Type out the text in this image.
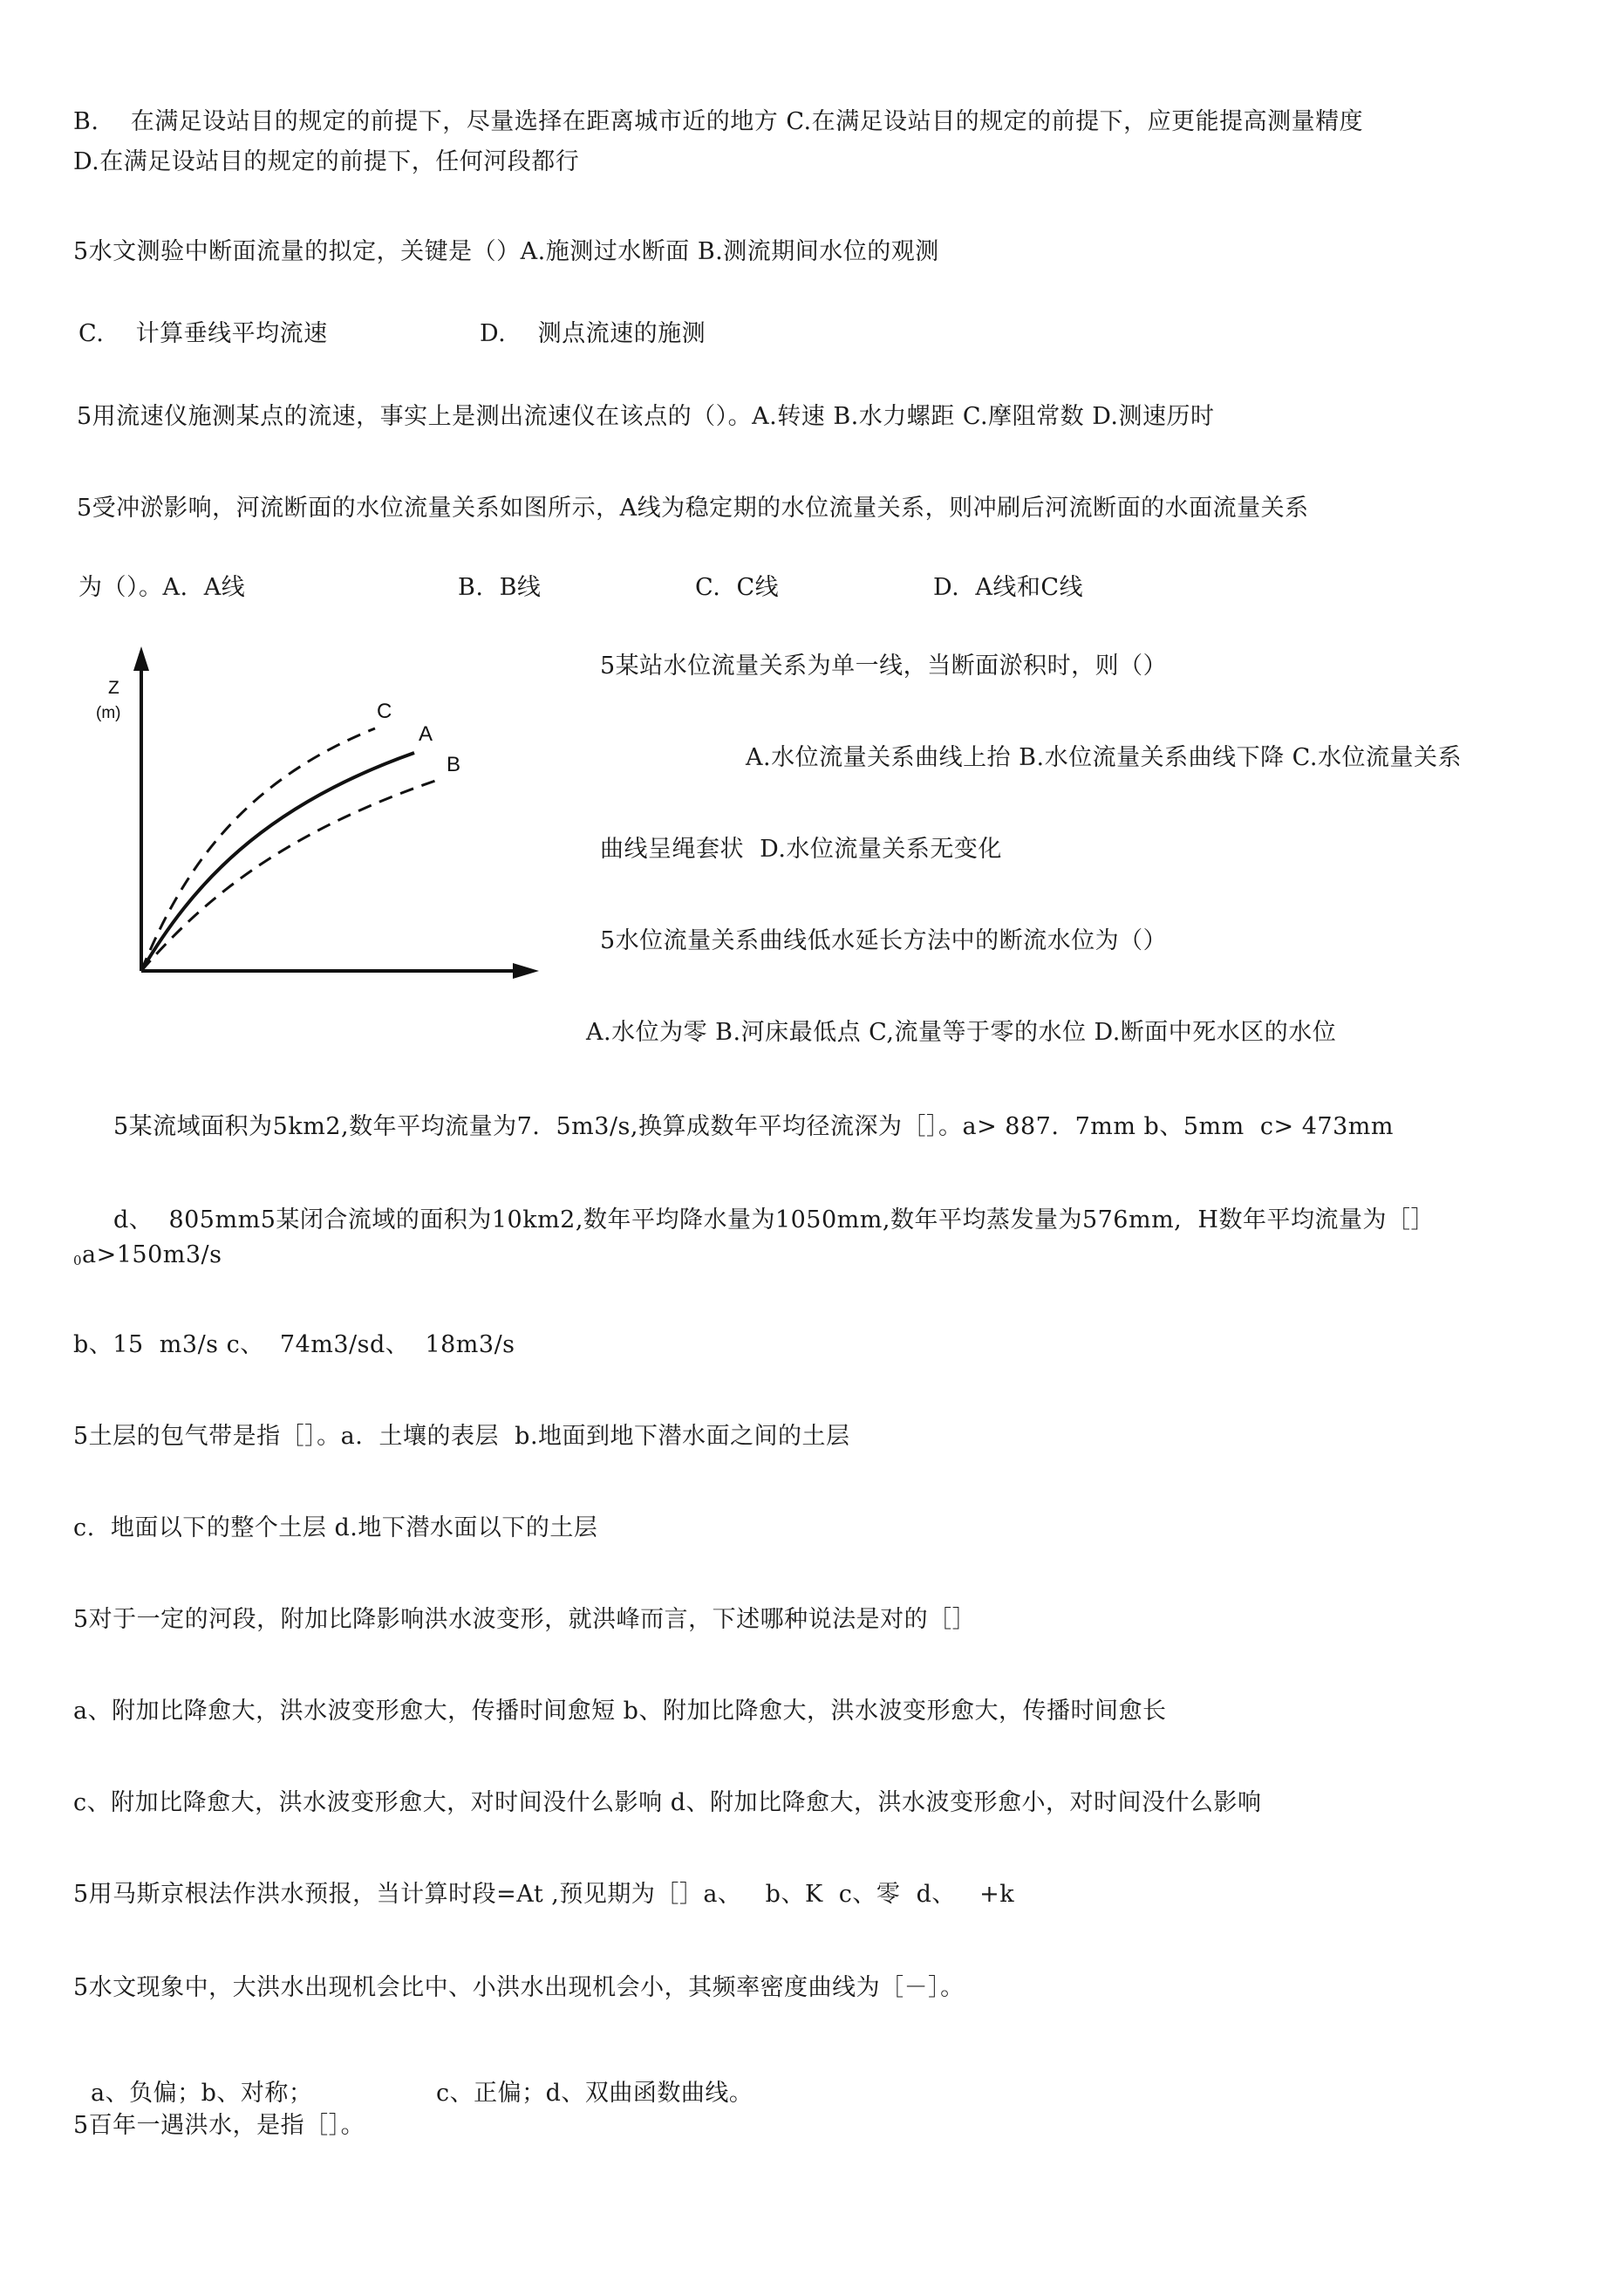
B.    在满足设站目的规定的前提下，尽量选择在距离城市近的地方 C.在满足设站目的规定的前提下，应更能提高测量精度
D.在满足设站目的规定的前提下，任何河段都行
5水文测验中断面流量的拟定，关键是（）A.施测过水断面 B.测流期间水位的观测
C.    计算垂线平均流速	D.    测点流速的施测
5用流速仪施测某点的流速，事实上是测出流速仪在该点的（）。A.转速 B.水力螺距 C.摩阻常数 D.测速历时
5受冲淤影响，河流断面的水位流量关系如图所示，A线为稳定期的水位流量关系，则冲刷后河流断面的水面流量关系
为（）。A.  A线	B.  B线	C.  C线	D.  A线和C线
5某站水位流量关系为单一线，当断面淤积时，则（）
A.水位流量关系曲线上抬 B.水位流量关系曲线下降 C.水位流量关系
曲线呈绳套状  D.水位流量关系无变化
5水位流量关系曲线低水延长方法中的断流水位为（）
A.水位为零 B.河床最低点 C,流量等于零的水位 D.断面中死水区的水位
5某流域面积为5km2,数年平均流量为7.  5m3/s,换算成数年平均径流深为［］。a> 887.  7mm b、5mm  c> 473mm
d、  805mm5某闭合流域的面积为10km2,数年平均降水量为1050mm,数年平均蒸发量为576mm,  H数年平均流量为［］
0 a>150m3/s
b、15  m3/s c、  74m3/sd、  18m3/s
5土层的包气带是指［］。a.  土壤的表层  b.地面到地下潜水面之间的土层
c.  地面以下的整个土层 d.地下潜水面以下的土层
5对于一定的河段，附加比降影响洪水波变形，就洪峰而言，下述哪种说法是对的［］
a、附加比降愈大，洪水波变形愈大，传播时间愈短 b、附加比降愈大，洪水波变形愈大，传播时间愈长
c、附加比降愈大，洪水波变形愈大，对时间没什么影响 d、附加比降愈大，洪水波变形愈小，对时间没什么影响
5用马斯京根法作洪水预报，当计算时段=At ,预见期为［］a、   b、K  c、零  d、   +k
5水文现象中，大洪水出现机会比中、小洪水出现机会小，其频率密度曲线为［－］。
a、负偏；b、对称；	c、正偏；d、双曲函数曲线。
5百年一遇洪水，是指［］。
Z
(m)	C
A
B
